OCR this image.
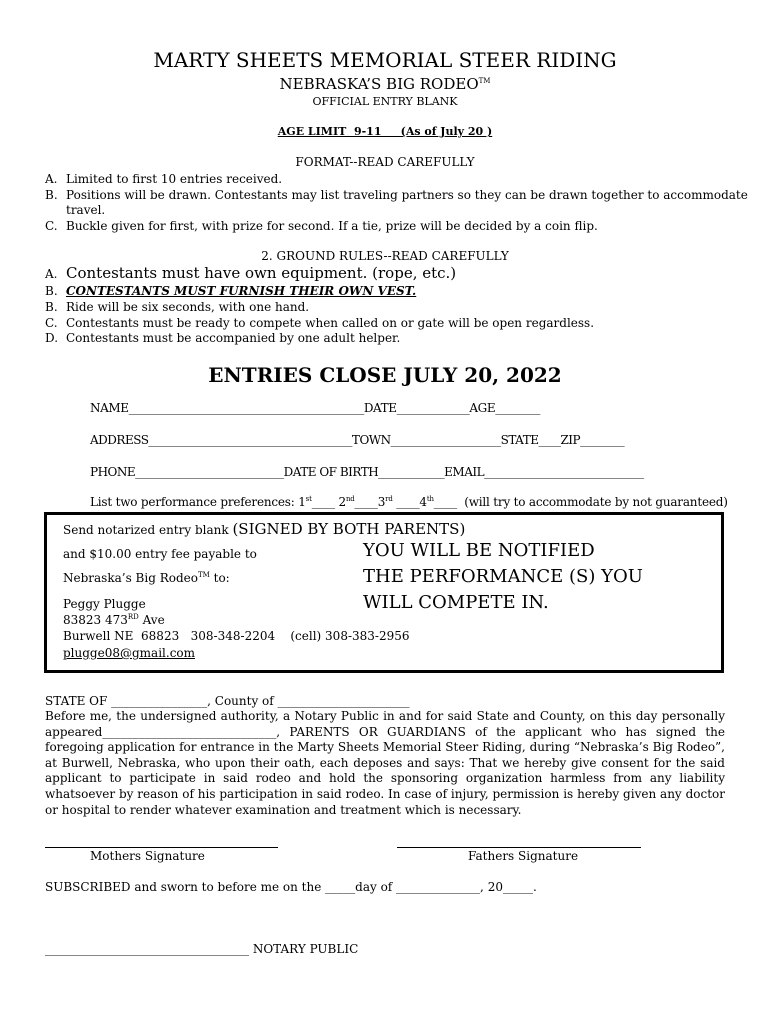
MARTY SHEETS MEMORIAL STEER RIDING
NEBRASKA’S BIG RODEO™
OFFICIAL ENTRY BLANK
AGE LIMIT  9-11     (As of July 20 )
FORMAT--READ CAREFULLY
A. Limited to first 10 entries received.
B. Positions will be drawn. Contestants may list traveling partners so they can be drawn together to accommodate
travel.
C. Buckle given for first, with prize for second. If a tie, prize will be decided by a coin flip.
2. GROUND RULES--READ CAREFULLY
A. Contestants must have own equipment. (rope, etc.)
B. CONTESTANTS MUST FURNISH THEIR OWN VEST.
B. Ride will be six seconds, with one hand.
C. Contestants must be ready to compete when called on or gate will be open regardless.
D. Contestants must be accompanied by one adult helper.
ENTRIES CLOSE JULY 20, 2022
NAME__________________________________________DATE_____________AGE________
ADDRESS_____________________________________TOWN____________________STATE____ZIP________
PHONE___________________________DATE OF BIRTH____________EMAIL_____________________________
List two performance preferences: 1st____ 2nd____3rd ____4th____  (will try to accommodate by not guaranteed)
Send notarized entry blank (SIGNED BY BOTH PARENTS)
and $10.00 entry fee payable to
Nebraska’s Big Rodeo™ to:
Peggy Plugge
83823 473RD Ave
Burwell NE  68823   308-348-2204    (cell) 308-383-2956
plugge08@gmail.com
YOU WILL BE NOTIFIED
THE PERFORMANCE (S) YOU
WILL COMPETE IN.
STATE OF ________________, County of ______________________
Before me, the undersigned authority, a Notary Public in and for said State and County, on this day personally appeared_____________________________, PARENTS OR GUARDIANS of the applicant who has signed the foregoing application for entrance in the Marty Sheets Memorial Steer Riding, during “Nebraska’s Big Rodeo”, at Burwell, Nebraska, who upon their oath, each deposes and says: That we hereby give consent for the said applicant to participate in said rodeo and hold the sponsoring organization harmless from any liability whatsoever by reason of his participation in said rodeo. In case of injury, permission is hereby given any doctor or hospital to render whatever examination and treatment which is necessary.
Mothers Signature	Fathers Signature
SUBSCRIBED and sworn to before me on the _____day of ______________, 20_____.
__________________________________ NOTARY PUBLIC
